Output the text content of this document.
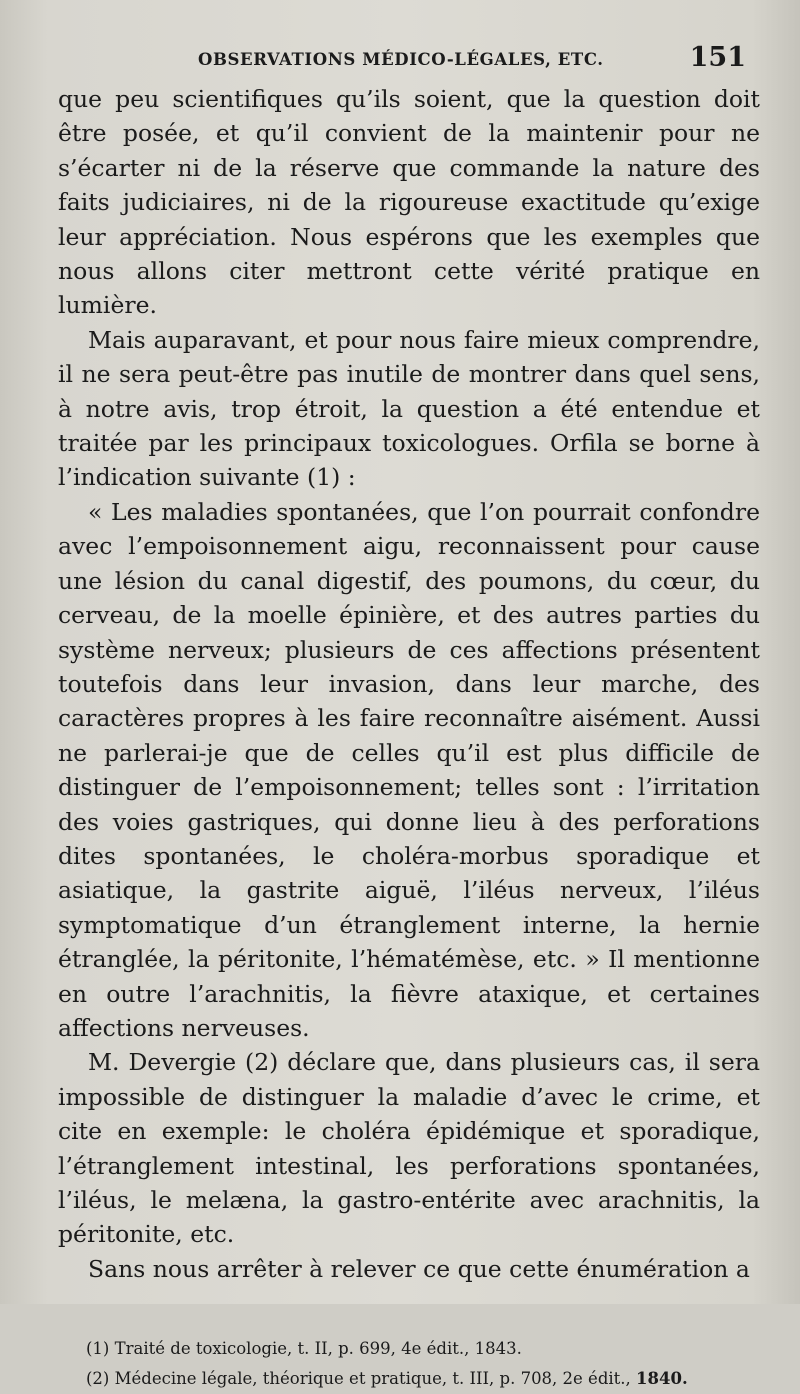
OBSERVATIONS MÉDICO-LÉGALES, ETC.	151

que peu scientifiques qu’ils soient, que la question doit être posée, et qu’il convient de la maintenir pour ne s’écarter ni de la réserve que commande la nature des faits judiciaires, ni de la rigoureuse exactitude qu’exige leur appréciation. Nous espérons que les exemples que nous allons citer mettront cette vérité pratique en lumière.

Mais auparavant, et pour nous faire mieux comprendre, il ne sera peut-être pas inutile de montrer dans quel sens, à notre avis, trop étroit, la question a été entendue et traitée par les principaux toxicologues. Orfila se borne à l’indication suivante (1) :

« Les maladies spontanées, que l’on pourrait confondre avec l’empoisonnement aigu, reconnaissent pour cause une lésion du canal digestif, des poumons, du cœur, du cerveau, de la moelle épinière, et des autres parties du système nerveux; plusieurs de ces affections présentent toutefois dans leur invasion, dans leur marche, des caractères propres à les faire reconnaître aisément. Aussi ne parlerai-je que de celles qu’il est plus difficile de distinguer de l’empoisonnement; telles sont : l’irritation des voies gastriques, qui donne lieu à des perforations dites spontanées, le choléra-morbus sporadique et asiatique, la gastrite aiguë, l’iléus nerveux, l’iléus symptomatique d’un étranglement interne, la hernie étranglée, la péritonite, l’hématémèse, etc. » Il mentionne en outre l’arachnitis, la fièvre ataxique, et certaines affections nerveuses.

M. Devergie (2) déclare que, dans plusieurs cas, il sera impossible de distinguer la maladie d’avec le crime, et cite en exemple: le choléra épidémique et sporadique, l’étranglement intestinal, les perforations spontanées, l’iléus, le melæna, la gastro-entérite avec arachnitis, la péritonite, etc.

Sans nous arrêter à relever ce que cette énumération a

(1) Traité de toxicologie, t. II, p. 699, 4e édit., 1843.

(2) Médecine légale, théorique et pratique, t. III, p. 708, 2e édit., 1840.
